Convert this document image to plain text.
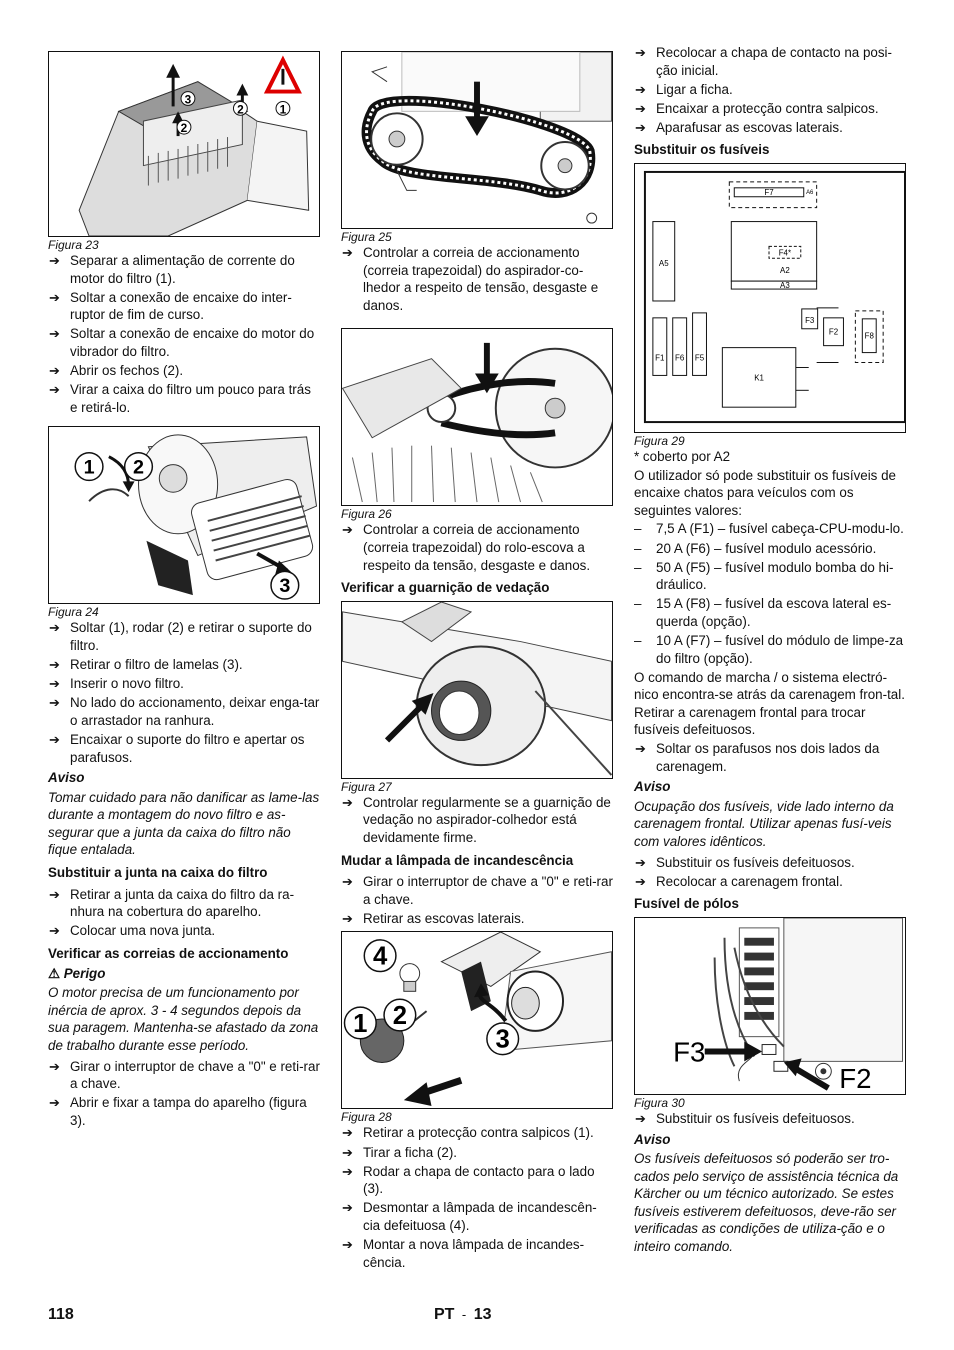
3
2
2	1
Figura 23
➔ Separar a alimentação de corrente do motor do filtro (1).
➔ Soltar a conexão de encaixe do inter-ruptor de fim de curso.
➔ Soltar a conexão de encaixe do motor do vibrador do filtro.
➔ Abrir os fechos (2).
➔ Virar a caixa do filtro um pouco para trás e retirá-lo.
1 2
3
Figura 24
➔ Soltar (1), rodar (2) e retirar o suporte do filtro.
➔ Retirar o filtro de lamelas (3).
➔ Inserir o novo filtro.
➔ No lado do accionamento, deixar enga-tar o arrastador na ranhura.
➔ Encaixar o suporte do filtro e apertar os parafusos.
Aviso
Tomar cuidado para não danificar as lame-las durante a montagem do novo filtro e as-segurar que a junta da caixa do filtro não fique entalada.
Substituir a junta na caixa do filtro
➔ Retirar a junta da caixa do filtro da ra-nhura na cobertura do aparelho.
➔ Colocar uma nova junta.
Verificar as correias de accionamento
⚠ Perigo
O motor precisa de um funcionamento por inércia de aprox. 3 - 4 segundos depois da sua paragem. Mantenha-se afastado da zona de trabalho durante esse período.
➔ Girar o interruptor de chave a "0" e reti-rar a chave.
➔ Abrir e fixar a tampa do aparelho (figura 3).
Figura 25
➔ Controlar a correia de accionamento (correia trapezoidal) do aspirador-co-lhedor a respeito de tensão, desgaste e danos.
Figura 26
➔ Controlar a correia de accionamento (correia trapezoidal) do rolo-escova a respeito da tensão, desgaste e danos.
Verificar a guarnição de vedação
Figura 27
➔ Controlar regularmente se a guarnição de vedação no aspirador-colhedor está devidamente firme.
Mudar a lâmpada de incandescência
➔ Girar o interruptor de chave a "0" e reti-rar a chave.
➔ Retirar as escovas laterais.
4
1 2
3
Figura 28
➔ Retirar a protecção contra salpicos (1).
➔ Tirar a ficha (2).
➔ Rodar a chapa de contacto para o lado (3).
➔ Desmontar a lâmpada de incandescên-cia defeituosa (4).
➔ Montar a nova lâmpada de incandes-cência.
➔ Recolocar a chapa de contacto na posi-ção inicial.
➔ Ligar a ficha.
➔ Encaixar a protecção contra salpicos.
➔ Aparafusar as escovas laterais.
Substituir os fusíveis
F7	A6
A5
F4*
A2
A3
F3
F2	F8
F1 F6 F5
K1
Figura 29

* coberto por A2

O utilizador só pode substituir os fusíveis de encaixe chatos para veículos com os seguintes valores:

– 7,5 A (F1) – fusível cabeça-CPU-modu-lo.
– 20 A (F6) – fusível modulo acessório.
– 50 A (F5) – fusível modulo bomba do hi-dráulico.
– 15 A (F8) – fusível da escova lateral es-querda (opção).
– 10 A (F7) – fusível do módulo de limpe-za do filtro (opção).

O comando de marcha / o sistema electró-nico encontra-se atrás da carenagem fron-tal. Retirar a carenagem frontal para trocar fusíveis defeituosos.

➔ Soltar os parafusos nos dois lados da carenagem.
Aviso
Ocupação dos fusíveis, vide lado interno da carenagem frontal. Utilizar apenas fusí-veis com valores idênticos.
➔ Substituir os fusíveis defeituosos.
➔ Recolocar a carenagem frontal.
Fusível de pólos
F3
F2
Figura 30
➔ Substituir os fusíveis defeituosos.
Aviso
Os fusíveis defeituosos só poderão ser tro-cados pelo serviço de assistência técnica da Kärcher ou um técnico autorizado. Se estes fusíveis estiverem defeituosos, deve-rão ser verificadas as condições de utiliza-ção e o inteiro comando.
118	PT - 13
